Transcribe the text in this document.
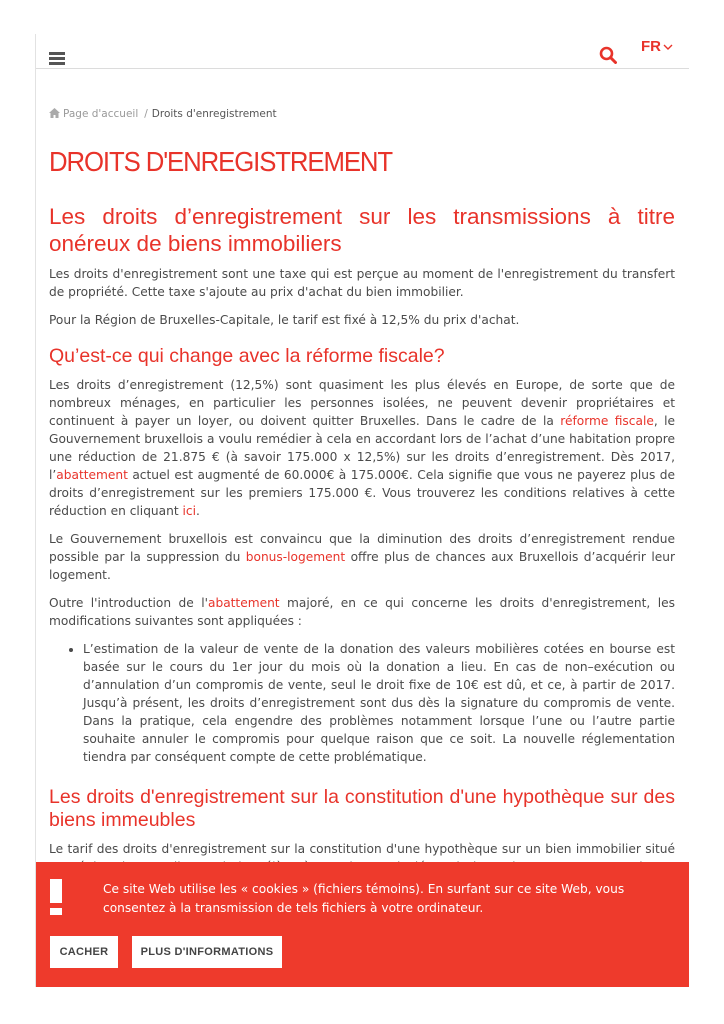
FR
Page d'accueil / Droits d'enregistrement
DROITS D'ENREGISTREMENT
Les droits d’enregistrement sur les transmissions à titre onéreux de biens immobiliers

Les droits d'enregistrement sont une taxe qui est perçue au moment de l'enregistrement du transfert de propriété. Cette taxe s'ajoute au prix d'achat du bien immobilier.

Pour la Région de Bruxelles-Capitale, le tarif est fixé à 12,5% du prix d'achat.

Qu’est-ce qui change avec la réforme fiscale?

Les droits d’enregistrement (12,5%) sont quasiment les plus élevés en Europe, de sorte que de nombreux ménages, en particulier les personnes isolées, ne peuvent devenir propriétaires et continuent à payer un loyer, ou doivent quitter Bruxelles. Dans le cadre de la réforme fiscale, le Gouvernement bruxellois a voulu remédier à cela en accordant lors de l’achat d’une habitation propre une réduction de 21.875 € (à savoir 175.000 x 12,5%) sur les droits d’enregistrement. Dès 2017, l’abattement actuel est augmenté de 60.000€ à 175.000€. Cela signifie que vous ne payerez plus de droits d’enregistrement sur les premiers 175.000 €. Vous trouverez les conditions relatives à cette réduction en cliquant ici.

Le Gouvernement bruxellois est convaincu que la diminution des droits d’enregistrement rendue possible par la suppression du bonus-logement offre plus de chances aux Bruxellois d’acquérir leur logement.

Outre l'introduction de l'abattement majoré, en ce qui concerne les droits d'enregistrement, les modifications suivantes sont appliquées :

• L’estimation de la valeur de vente de la donation des valeurs mobilières cotées en bourse est basée sur le cours du 1er jour du mois où la donation a lieu. En cas de non–exécution ou d’annulation d’un compromis de vente, seul le droit fixe de 10€ est dû, et ce, à partir de 2017. Jusqu’à présent, les droits d’enregistrement sont dus dès la signature du compromis de vente. Dans la pratique, cela engendre des problèmes notamment lorsque l’une ou l’autre partie souhaite annuler le compromis pour quelque raison que ce soit. La nouvelle réglementation tiendra par conséquent compte de cette problématique.
Les droits d'enregistrement sur la constitution d'une hypothèque sur des biens immeubles

Le tarif des droits d'enregistrement sur la constitution d'une hypothèque sur un bien immobilier situé

Ce site Web utilise les « cookies » (fichiers témoins). En surfant sur ce site Web, vous consentez à la transmission de tels fichiers à votre ordinateur.
CACHER	PLUS D'INFORMATIONS
